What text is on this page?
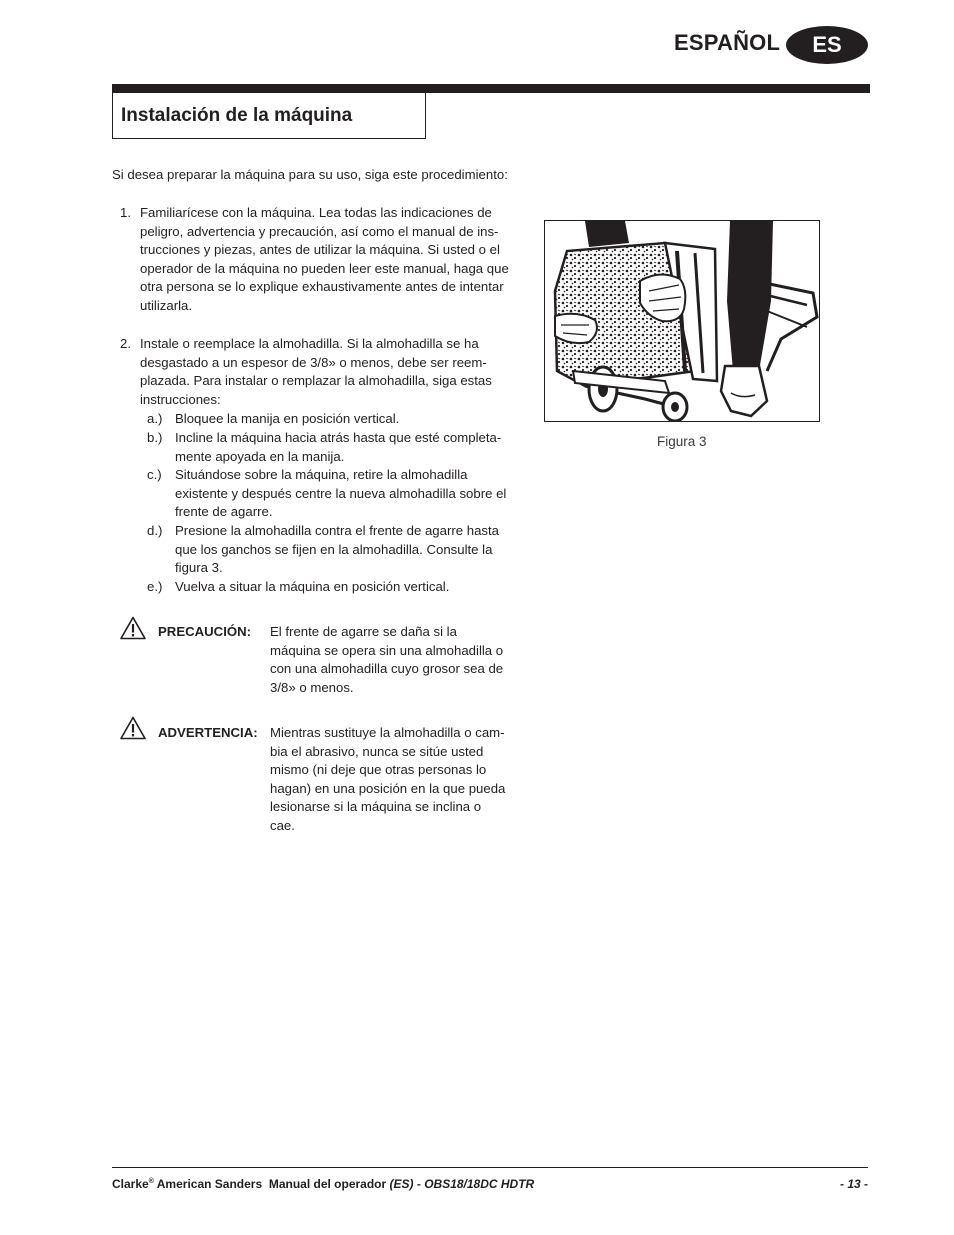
ESPAÑOL	ES
Instalación de la máquina
Si desea preparar la máquina para su uso, siga este procedimiento:
1. Familiarícese con la máquina. Lea todas las indicaciones de
peligro, advertencia y precaución, así como el manual de ins-
trucciones y piezas, antes de utilizar la máquina. Si usted o el
operador de la máquina no pueden leer este manual, haga que
otra persona se lo explique exhaustivamente antes de intentar
utilizarla.
2. Instale o reemplace la almohadilla. Si la almohadilla se ha
desgastado a un espesor de 3/8» o menos, debe ser reem-
plazada. Para instalar o remplazar la almohadilla, siga estas
instrucciones:
a.) Bloquee la manija en posición vertical.
b.) Incline la máquina hacia atrás hasta que esté completa-
mente apoyada en la manija.
c.) Situándose sobre la máquina, retire la almohadilla
existente y después centre la nueva almohadilla sobre el
frente de agarre.
d.) Presione la almohadilla contra el frente de agarre hasta
que los ganchos se fijen en la almohadilla. Consulte la
figura 3.
e.) Vuelva a situar la máquina en posición vertical.
PRECAUCIÓN: El frente de agarre se daña si la
máquina se opera sin una almohadilla o
con una almohadilla cuyo grosor sea de
3/8» o menos.
ADVERTENCIA: Mientras sustituye la almohadilla o cam-
bia el abrasivo, nunca se sitúe usted
mismo (ni deje que otras personas lo
hagan) en una posición en la que pueda
lesionarse si la máquina se inclina o
cae.
Figura 3
Clarke® American Sanders Manual del operador (ES) - OBS18/18DC HDTR	- 13 -
